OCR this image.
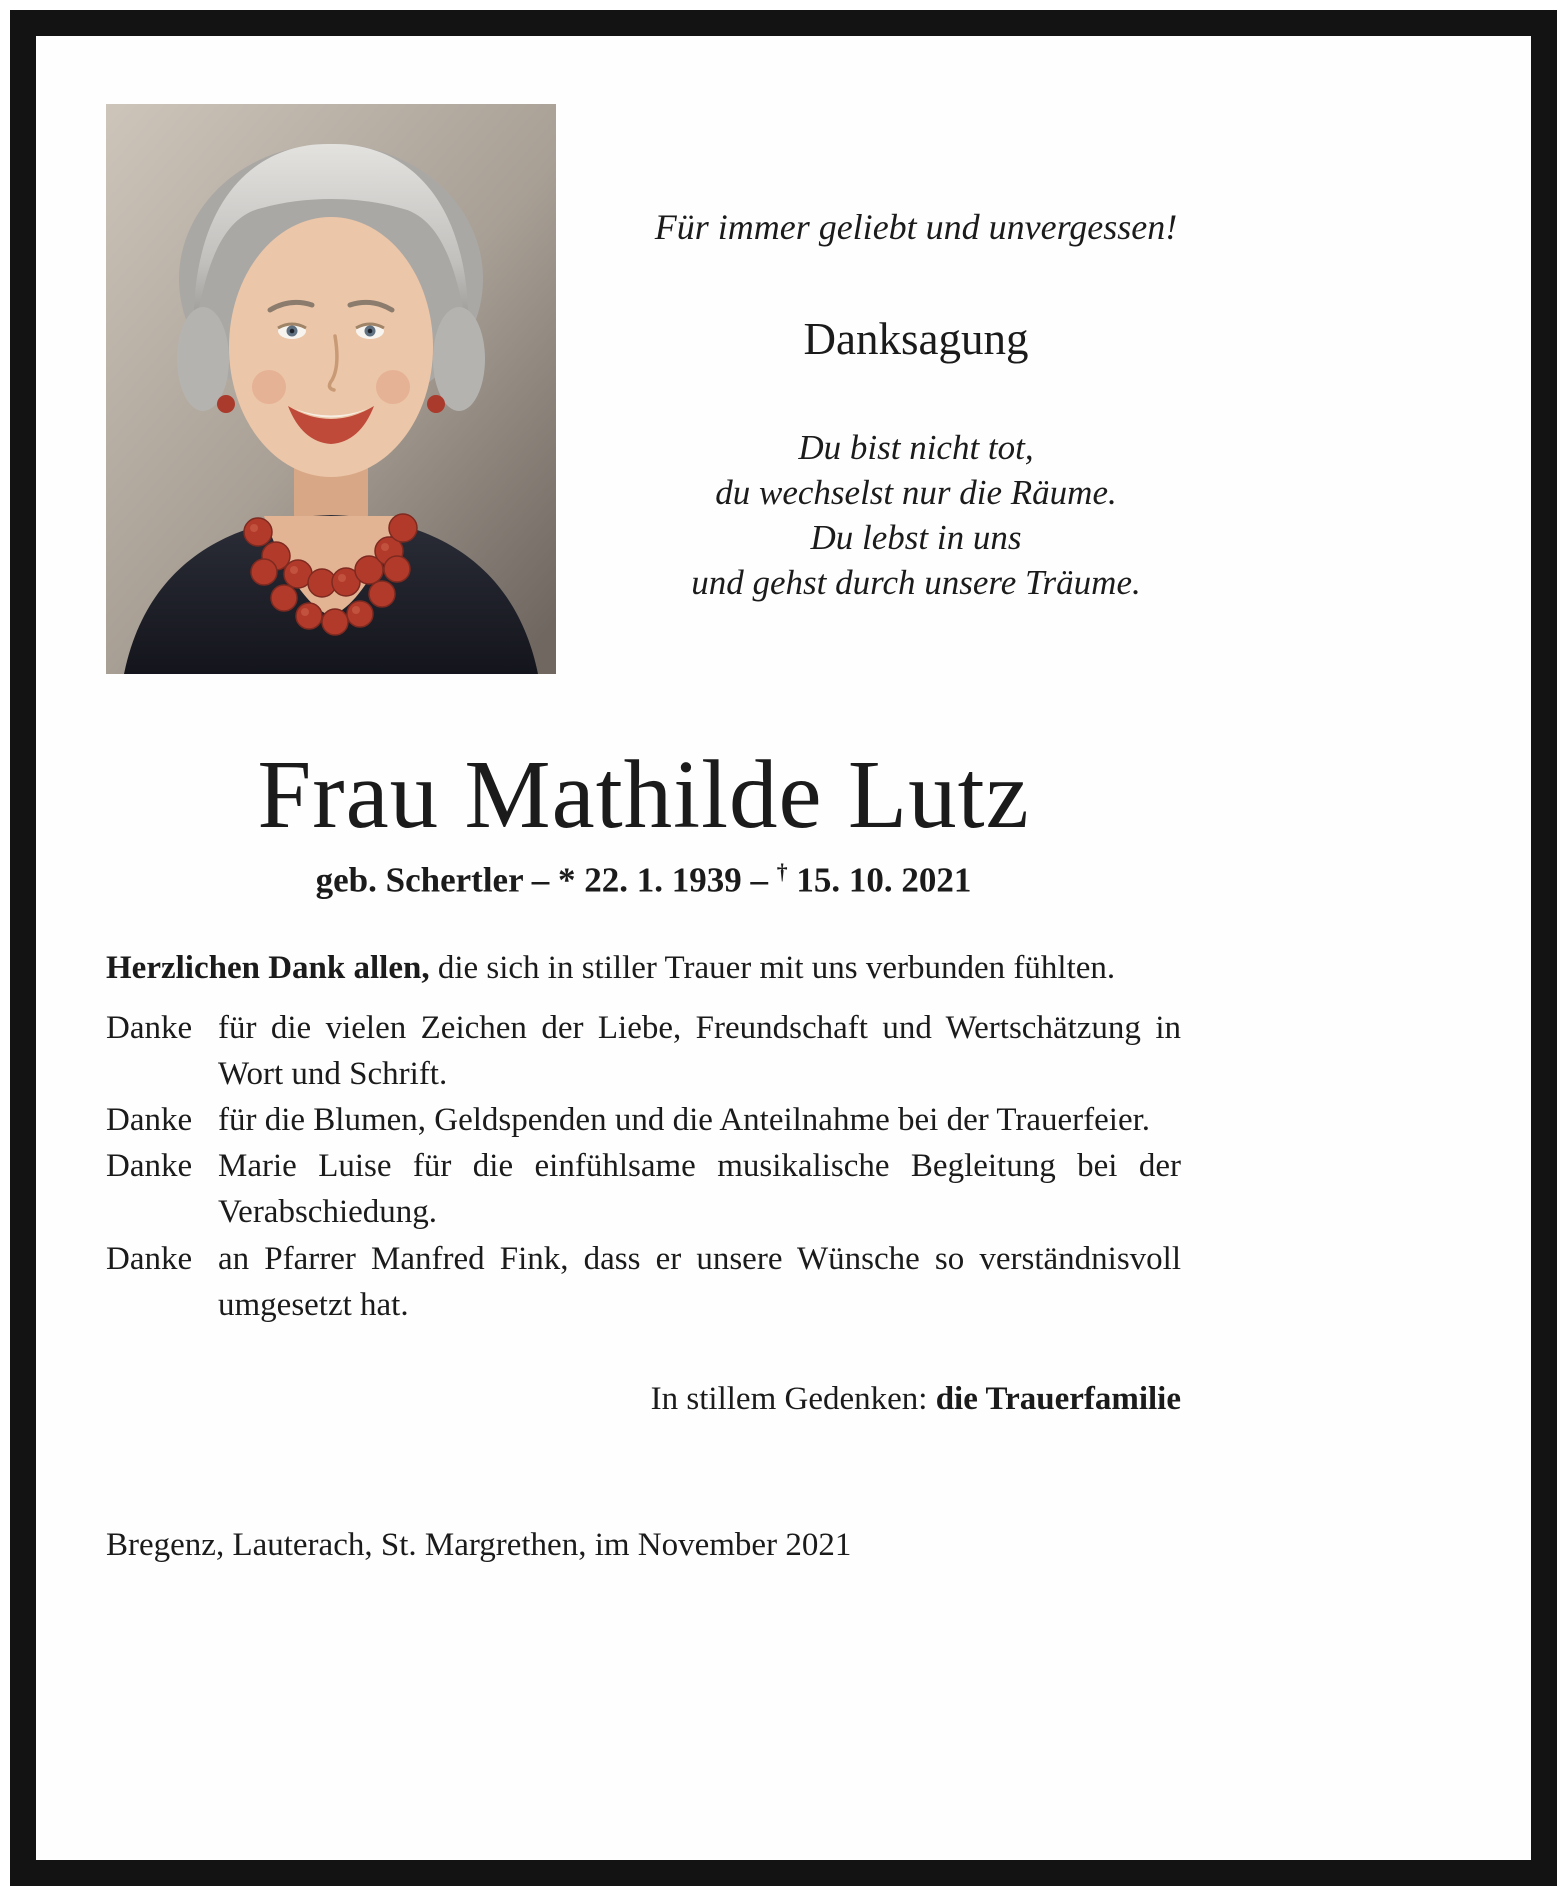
Für immer geliebt und unvergessen!
Danksagung
Du bist nicht tot,
du wechselst nur die Räume.
Du lebst in uns
und gehst durch unsere Träume.
Frau Mathilde Lutz
geb. Schertler – * 22. 1. 1939 – † 15. 10. 2021

Herzlichen Dank allen, die sich in stiller Trauer mit uns verbunden fühlten.

Danke für die vielen Zeichen der Liebe, Freundschaft und Wertschätzung in Wort und Schrift.
Danke für die Blumen, Geldspenden und die Anteilnahme bei der Trauerfeier.
Danke Marie Luise für die einfühlsame musikalische Begleitung bei der Verabschiedung.
Danke an Pfarrer Manfred Fink, dass er unsere Wünsche so verständnisvoll umgesetzt hat.

In stillem Gedenken: die Trauerfamilie

Bregenz, Lauterach, St. Margrethen, im November 2021
